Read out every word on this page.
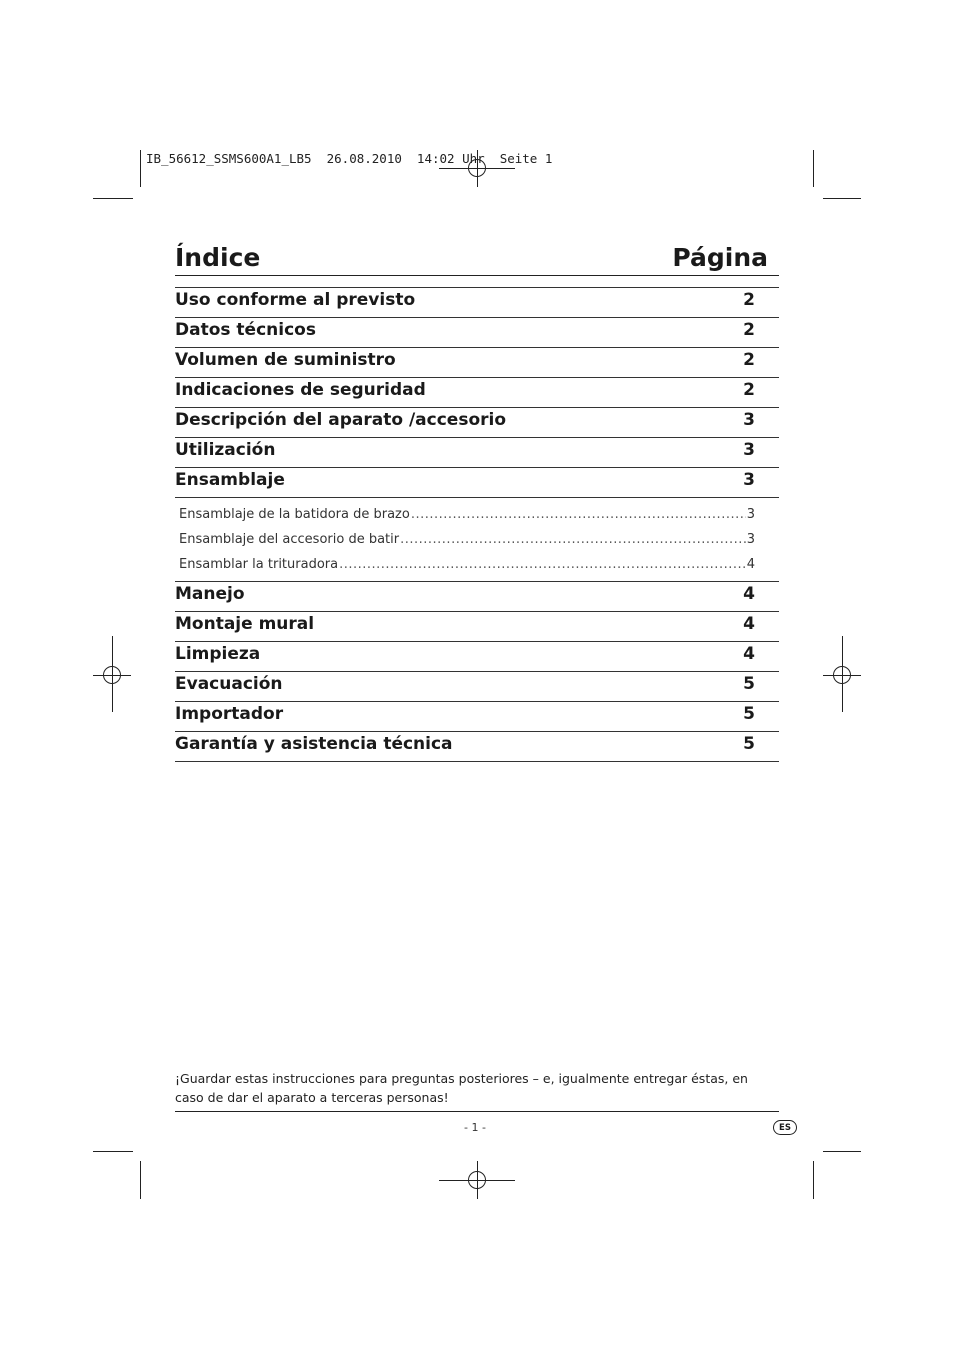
IB_56612_SSMS600A1_LB5  26.08.2010  14:02 Uhr  Seite 1
Índice	Página
Uso conforme al previsto	2
Datos técnicos	2
Volumen de suministro	2
Indicaciones de seguridad	2
Descripción del aparato /accesorio	3
Utilización	3
Ensamblaje	3
Ensamblaje de la batidora de brazo .....	3
Ensamblaje del accesorio de batir .....	3
Ensamblar la trituradora .....	4
Manejo	4
Montaje mural	4
Limpieza	4
Evacuación	5
Importador	5
Garantía y asistencia técnica	5
¡Guardar estas instrucciones para preguntas posteriores – e, igualmente entregar éstas, en caso de dar el aparato a terceras personas!
- 1 -	ES
